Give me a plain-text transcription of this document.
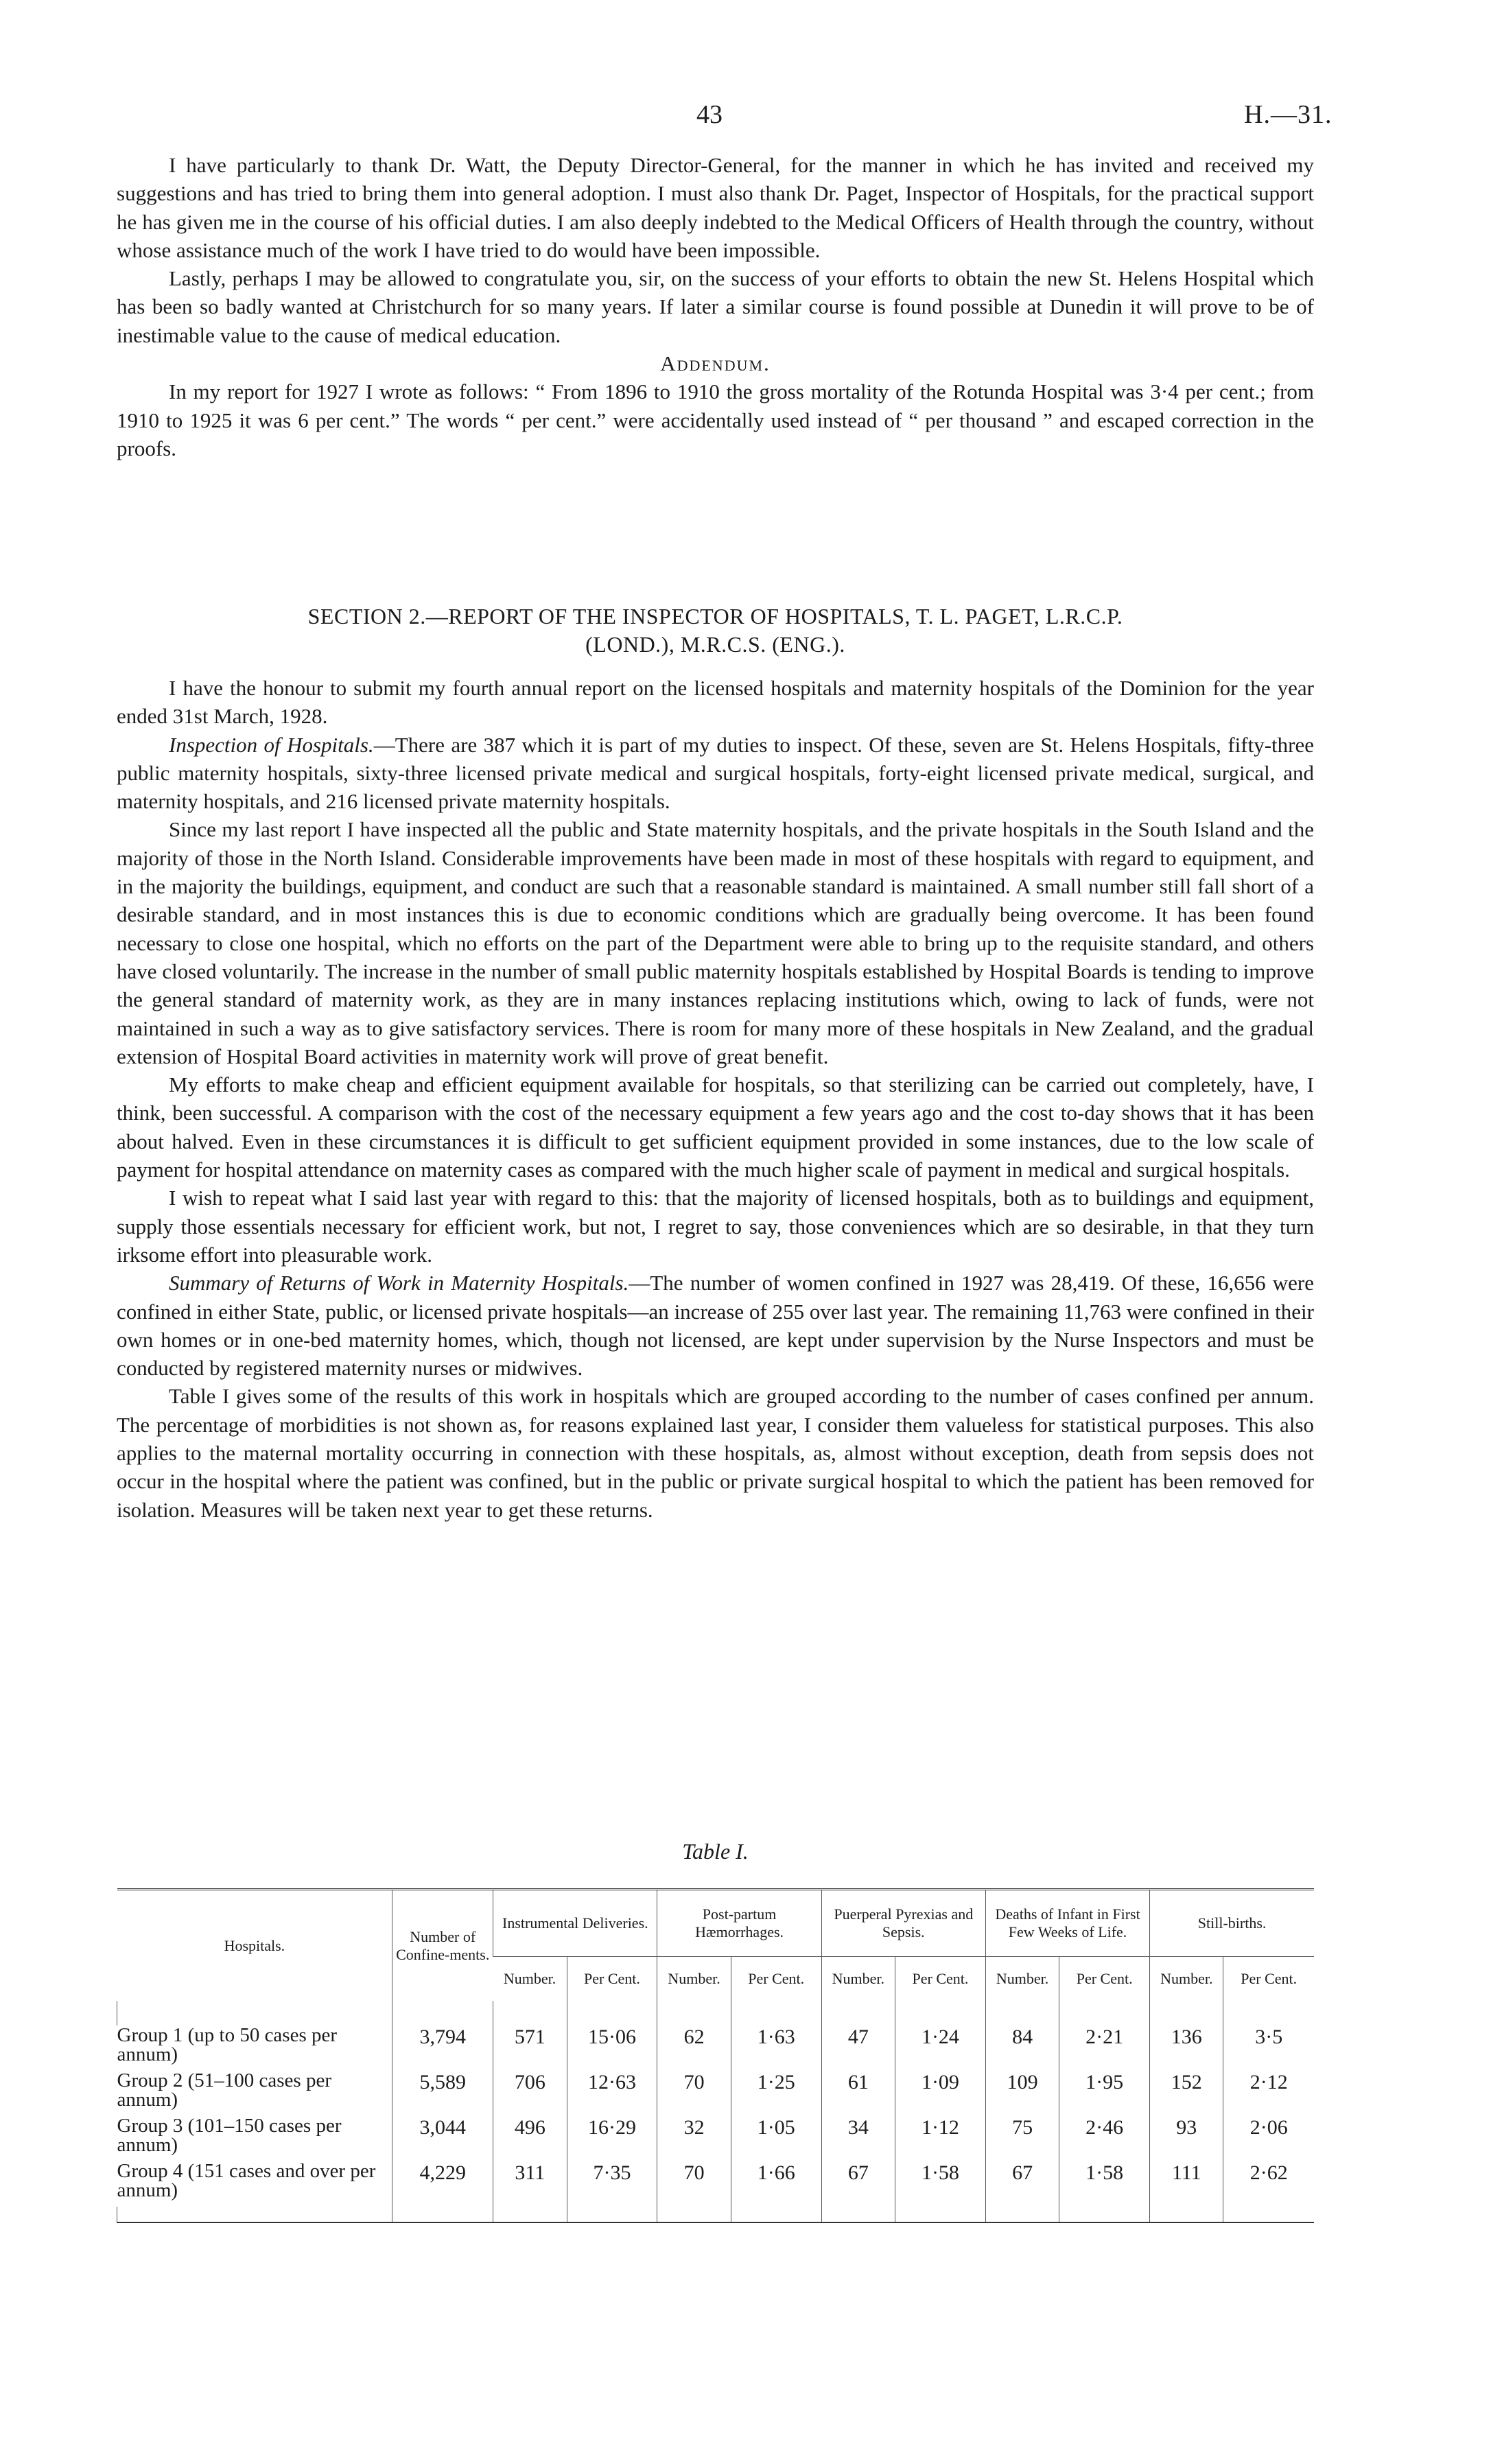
43	H.—31.

I have particularly to thank Dr. Watt, the Deputy Director-General, for the manner in which he has invited and received my suggestions and has tried to bring them into general adoption. I must also thank Dr. Paget, Inspector of Hospitals, for the practical support he has given me in the course of his official duties. I am also deeply indebted to the Medical Officers of Health through the country, without whose assistance much of the work I have tried to do would have been impossible.

Lastly, perhaps I may be allowed to congratulate you, sir, on the success of your efforts to obtain the new St. Helens Hospital which has been so badly wanted at Christchurch for so many years. If later a similar course is found possible at Dunedin it will prove to be of inestimable value to the cause of medical education.

Addendum.

In my report for 1927 I wrote as follows: “ From 1896 to 1910 the gross mortality of the Rotunda Hospital was 3·4 per cent.; from 1910 to 1925 it was 6 per cent.” The words “ per cent.” were accidentally used instead of “ per thousand ” and escaped correction in the proofs.

SECTION 2.—REPORT OF THE INSPECTOR OF HOSPITALS, T. L. PAGET, L.R.C.P.
(LOND.), M.R.C.S. (ENG.).

I have the honour to submit my fourth annual report on the licensed hospitals and maternity hospitals of the Dominion for the year ended 31st March, 1928.

Inspection of Hospitals.—There are 387 which it is part of my duties to inspect. Of these, seven are St. Helens Hospitals, fifty-three public maternity hospitals, sixty-three licensed private medical and surgical hospitals, forty-eight licensed private medical, surgical, and maternity hospitals, and 216 licensed private maternity hospitals.

Since my last report I have inspected all the public and State maternity hospitals, and the private hospitals in the South Island and the majority of those in the North Island. Considerable improvements have been made in most of these hospitals with regard to equipment, and in the majority the buildings, equipment, and conduct are such that a reasonable standard is maintained. A small number still fall short of a desirable standard, and in most instances this is due to economic conditions which are gradually being overcome. It has been found necessary to close one hospital, which no efforts on the part of the Department were able to bring up to the requisite standard, and others have closed voluntarily. The increase in the number of small public maternity hospitals established by Hospital Boards is tending to improve the general standard of maternity work, as they are in many instances replacing institutions which, owing to lack of funds, were not maintained in such a way as to give satisfactory services. There is room for many more of these hospitals in New Zealand, and the gradual extension of Hospital Board activities in maternity work will prove of great benefit.

My efforts to make cheap and efficient equipment available for hospitals, so that sterilizing can be carried out completely, have, I think, been successful. A comparison with the cost of the necessary equipment a few years ago and the cost to-day shows that it has been about halved. Even in these circumstances it is difficult to get sufficient equipment provided in some instances, due to the low scale of payment for hospital attendance on maternity cases as compared with the much higher scale of payment in medical and surgical hospitals.

I wish to repeat what I said last year with regard to this: that the majority of licensed hospitals, both as to buildings and equipment, supply those essentials necessary for efficient work, but not, I regret to say, those conveniences which are so desirable, in that they turn irksome effort into pleasurable work.

Summary of Returns of Work in Maternity Hospitals.—The number of women confined in 1927 was 28,419. Of these, 16,656 were confined in either State, public, or licensed private hospitals—an increase of 255 over last year. The remaining 11,763 were confined in their own homes or in one-bed maternity homes, which, though not licensed, are kept under supervision by the Nurse Inspectors and must be conducted by registered maternity nurses or midwives.

Table I gives some of the results of this work in hospitals which are grouped according to the number of cases confined per annum. The percentage of morbidities is not shown as, for reasons explained last year, I consider them valueless for statistical purposes. This also applies to the maternal mortality occurring in connection with these hospitals, as, almost without exception, death from sepsis does not occur in the hospital where the patient was confined, but in the public or private surgical hospital to which the patient has been removed for isolation. Measures will be taken next year to get these returns.

Table I.
Hospitals.	Number of Confine-ments.	Instrumental Deliveries.		Post-partum Hæmorrhages.		Puerperal Pyrexias and Sepsis.		Deaths of Infant in First Few Weeks of Life.		Still-births.	
		Number.	Per Cent.	Number.	Per Cent.	Number.	Per Cent.	Number.	Per Cent.	Number.	Per Cent.

Group 1 (up to 50 cases per annum)	3,794	571	15·06	62	1·63	47	1·24	84	2·21	136	3·5
Group 2 (51–100 cases per annum)	5,589	706	12·63	70	1·25	61	1·09	109	1·95	152	2·12
Group 3 (101–150 cases per annum)	3,044	496	16·29	32	1·05	34	1·12	75	2·46	93	2·06
Group 4 (151 cases and over per annum)	4,229	311	7·35	70	1·66	67	1·58	67	1·58	111	2·62
